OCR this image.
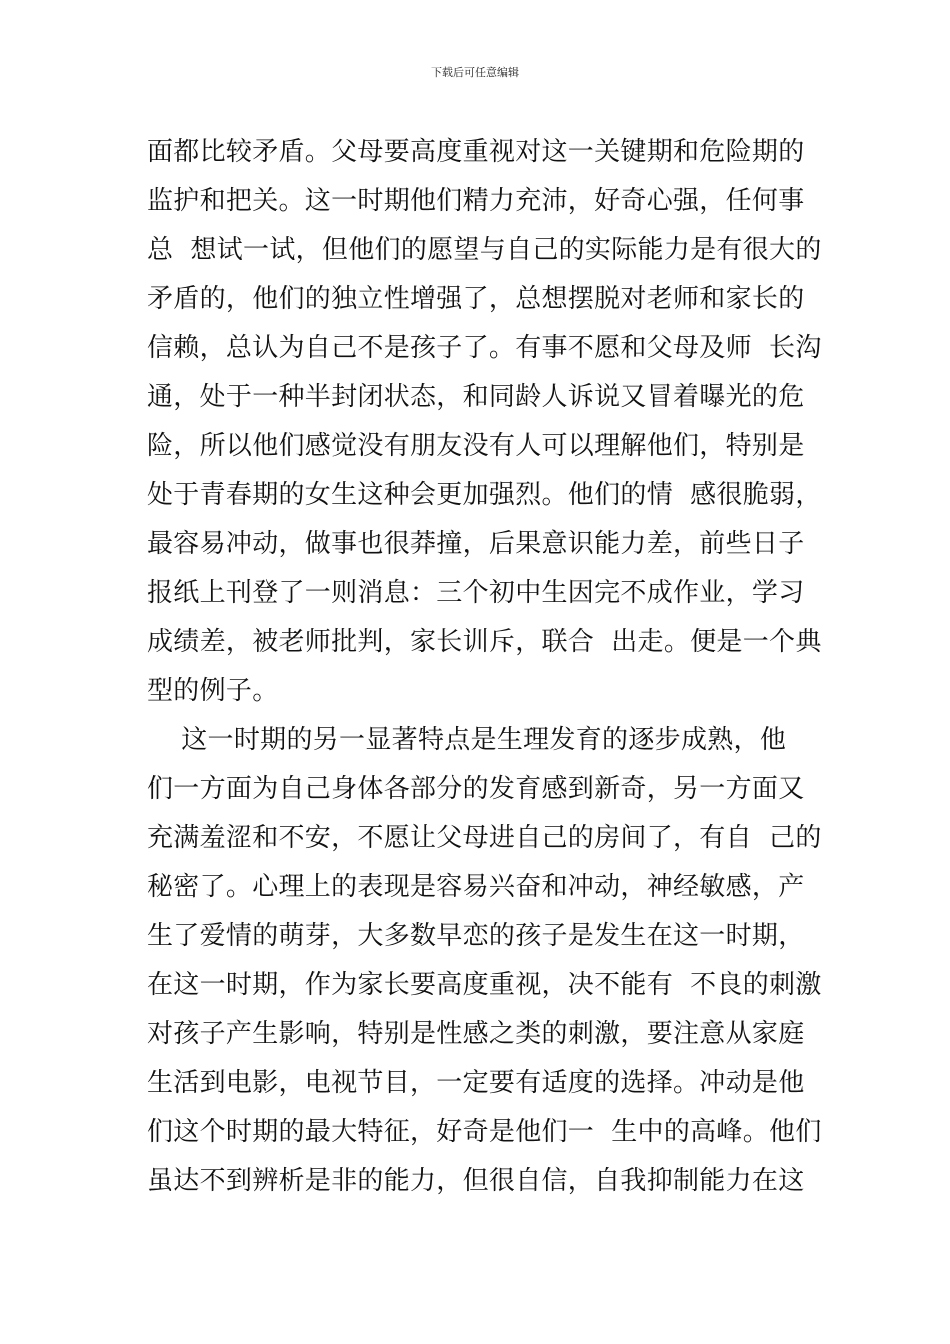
下载后可任意编辑
面都比较矛盾。父母要高度重视对这一关键期和危险期的
监护和把关。这一时期他们精力充沛，好奇心强，任何事
总  想试一试，但他们的愿望与自己的实际能力是有很大的
矛盾的，他们的独立性增强了，总想摆脱对老师和家长的
信赖，总认为自己不是孩子了。有事不愿和父母及师  长沟
通，处于一种半封闭状态，和同龄人诉说又冒着曝光的危
险，所以他们感觉没有朋友没有人可以理解他们，特别是
处于青春期的女生这种会更加强烈。他们的情  感很脆弱，
最容易冲动，做事也很莽撞，后果意识能力差，前些日子
报纸上刊登了一则消息：三个初中生因完不成作业，学习
成绩差，被老师批判，家长训斥，联合  出走。便是一个典
型的例子。
这一时期的另一显著特点是生理发育的逐步成熟，他
们一方面为自己身体各部分的发育感到新奇，另一方面又
充满羞涩和不安，不愿让父母进自己的房间了，有自  己的
秘密了。心理上的表现是容易兴奋和冲动，神经敏感，产
生了爱情的萌芽，大多数早恋的孩子是发生在这一时期，
在这一时期，作为家长要高度重视，决不能有  不良的刺激
对孩子产生影响，特别是性感之类的刺激，要注意从家庭
生活到电影，电视节目，一定要有适度的选择。冲动是他
们这个时期的最大特征，好奇是他们一  生中的高峰。他们
虽达不到辨析是非的能力，但很自信，自我抑制能力在这
